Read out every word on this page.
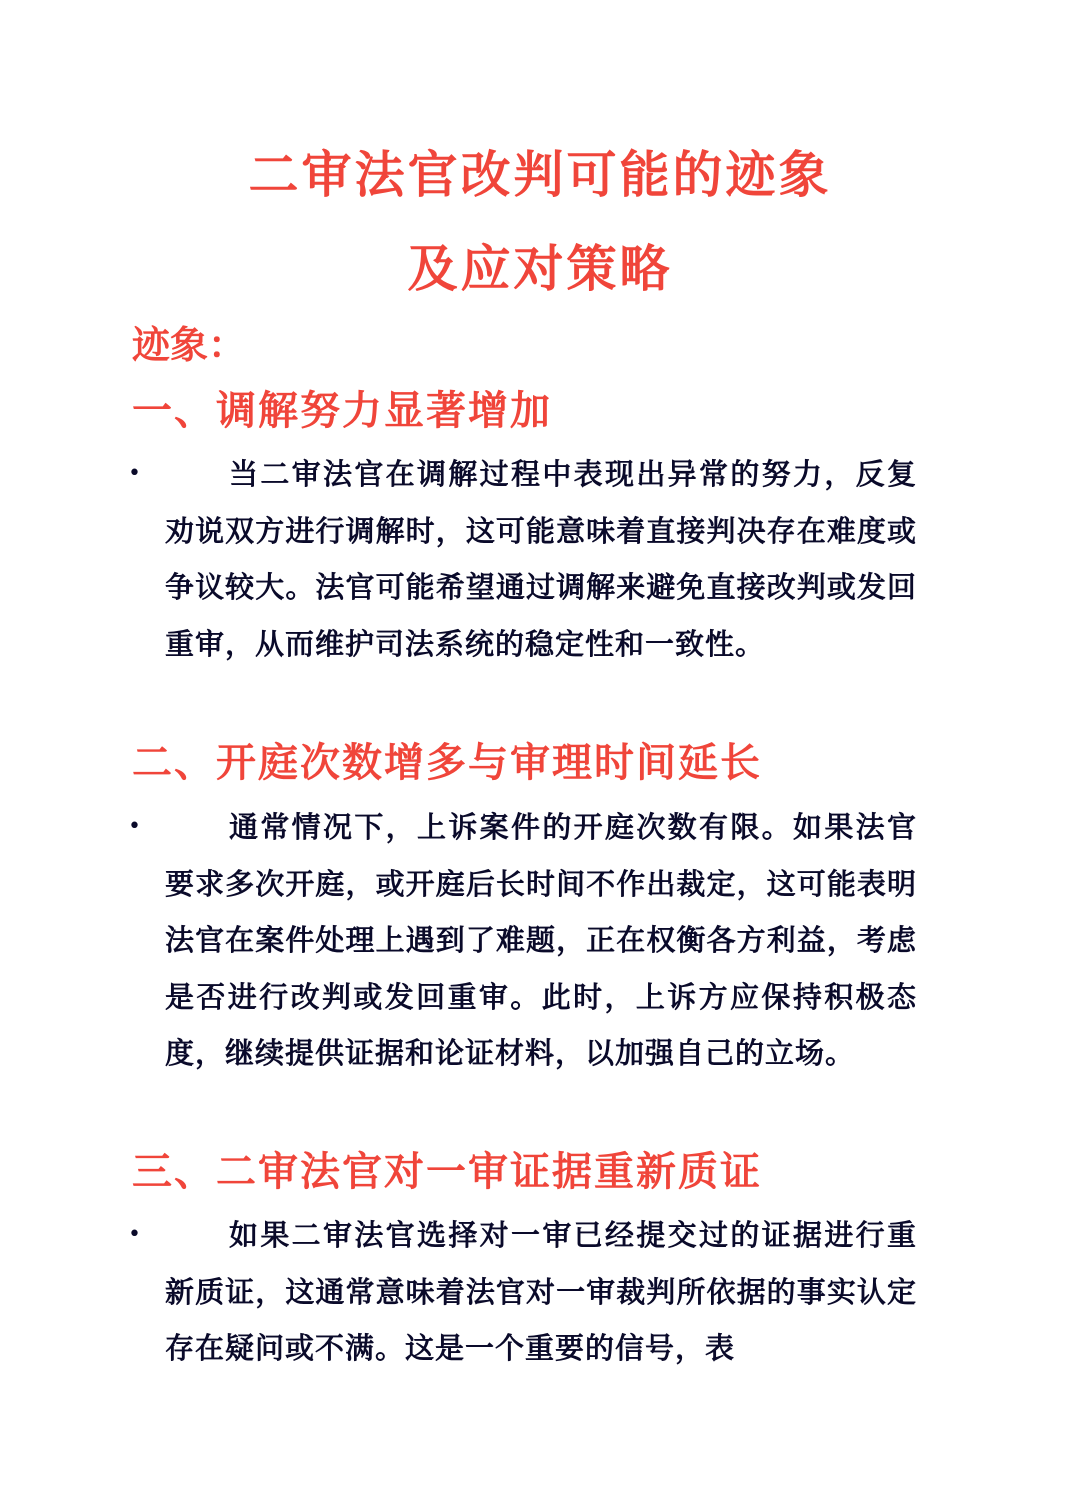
二审法官改判可能的迹象
及应对策略
迹象：
一、调解努力显著增加
•	当二审法官在调解过程中表现出异常的努力，反复劝说双方进行调解时，这可能意味着直接判决存在难度或争议较大。法官可能希望通过调解来避免直接改判或发回重审，从而维护司法系统的稳定性和一致性。

二、开庭次数增多与审理时间延长
•	通常情况下，上诉案件的开庭次数有限。如果法官要求多次开庭，或开庭后长时间不作出裁定，这可能表明法官在案件处理上遇到了难题，正在权衡各方利益，考虑是否进行改判或发回重审。此时，上诉方应保持积极态度，继续提供证据和论证材料，以加强自己的立场。

三、二审法官对一审证据重新质证
•	如果二审法官选择对一审已经提交过的证据进行重新质证，这通常意味着法官对一审裁判所依据的事实认定存在疑问或不满。这是一个重要的信号，表
